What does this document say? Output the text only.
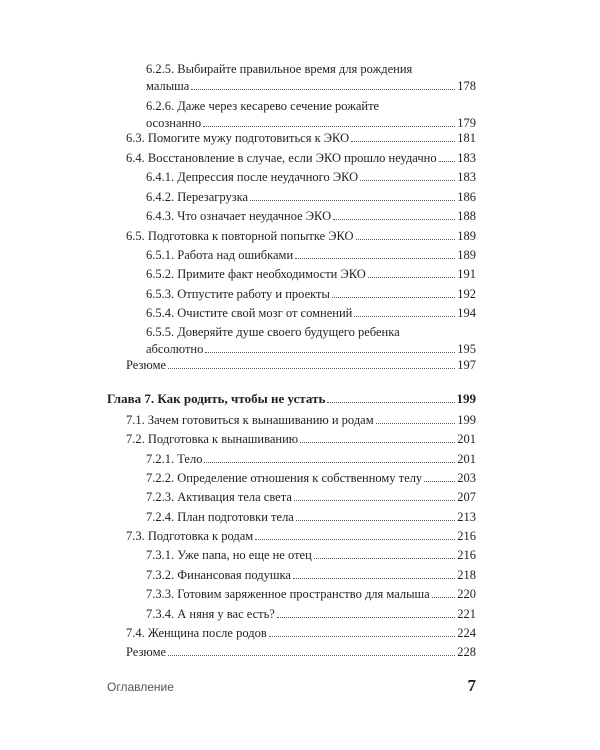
6.2.5. Выбирайте правильное время для рождения
малыша	178
6.2.6. Даже через кесарево сечение рожайте
осознанно	179
6.3. Помогите мужу подготовиться к ЭКО	181
6.4. Восстановление в случае, если ЭКО прошло неудачно 183
6.4.1. Депрессия после неудачного ЭКО	183
6.4.2. Перезагрузка	186
6.4.3. Что означает неудачное ЭКО	188
6.5. Подготовка к повторной попытке ЭКО	189
6.5.1. Работа над ошибками	189
6.5.2. Примите факт необходимости ЭКО	191
6.5.3. Отпустите работу и проекты	192
6.5.4. Очистите свой мозг от сомнений	194
6.5.5. Доверяйте душе своего будущего ребенка
абсолютно	195
Резюме	197
Глава 7. Как родить, чтобы не устать	199
7.1. Зачем готовиться к вынашиванию и родам	199
7.2. Подготовка к вынашиванию	201
7.2.1. Тело	201
7.2.2. Определение отношения к собственному телу	203
7.2.3. Активация тела света	207
7.2.4. План подготовки тела	213
7.3. Подготовка к родам	216
7.3.1. Уже папа, но еще не отец	216
7.3.2. Финансовая подушка	218
7.3.3. Готовим заряженное пространство для малыша 220
7.3.4. А няня у вас есть?	221
7.4. Женщина после родов	224
Резюме	228
Оглавление	7
